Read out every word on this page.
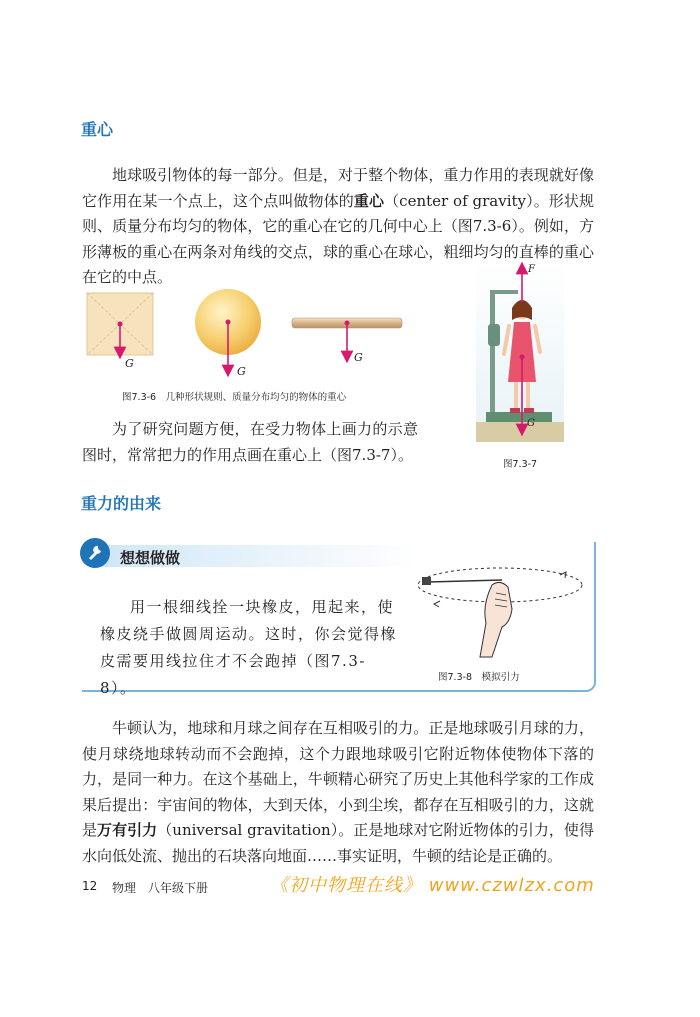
重心
地球吸引物体的每一部分。但是，对于整个物体，重力作用的表现就好像它作用在某一个点上，这个点叫做物体的重心（center of gravity）。形状规则、质量分布均匀的物体，它的重心在它的几何中心上（图7.3-6）。例如，方形薄板的重心在两条对角线的交点，球的重心在球心，粗细均匀的直棒的重心在它的中点。
G
G
G
图7.3-6　几种形状规则、质量分布均匀的物体的重心
F
G
图7.3-7
为了研究问题方便，在受力物体上画力的示意图时，常常把力的作用点画在重心上（图7.3-7）。
重力的由来
想想做做
用一根细线拴一块橡皮，甩起来，使橡皮绕手做圆周运动。这时，你会觉得橡皮需要用线拉住才不会跑掉（图7.3-8）。
图7.3-8　模拟引力
牛顿认为，地球和月球之间存在互相吸引的力。正是地球吸引月球的力，使月球绕地球转动而不会跑掉，这个力跟地球吸引它附近物体使物体下落的力，是同一种力。在这个基础上，牛顿精心研究了历史上其他科学家的工作成果后提出：宇宙间的物体，大到天体，小到尘埃，都存在互相吸引的力，这就是万有引力（universal gravitation）。正是地球对它附近物体的引力，使得水向低处流、抛出的石块落向地面……事实证明，牛顿的结论是正确的。
12 物理　八年级下册	《初中物理在线》 www.czwlzx.com
